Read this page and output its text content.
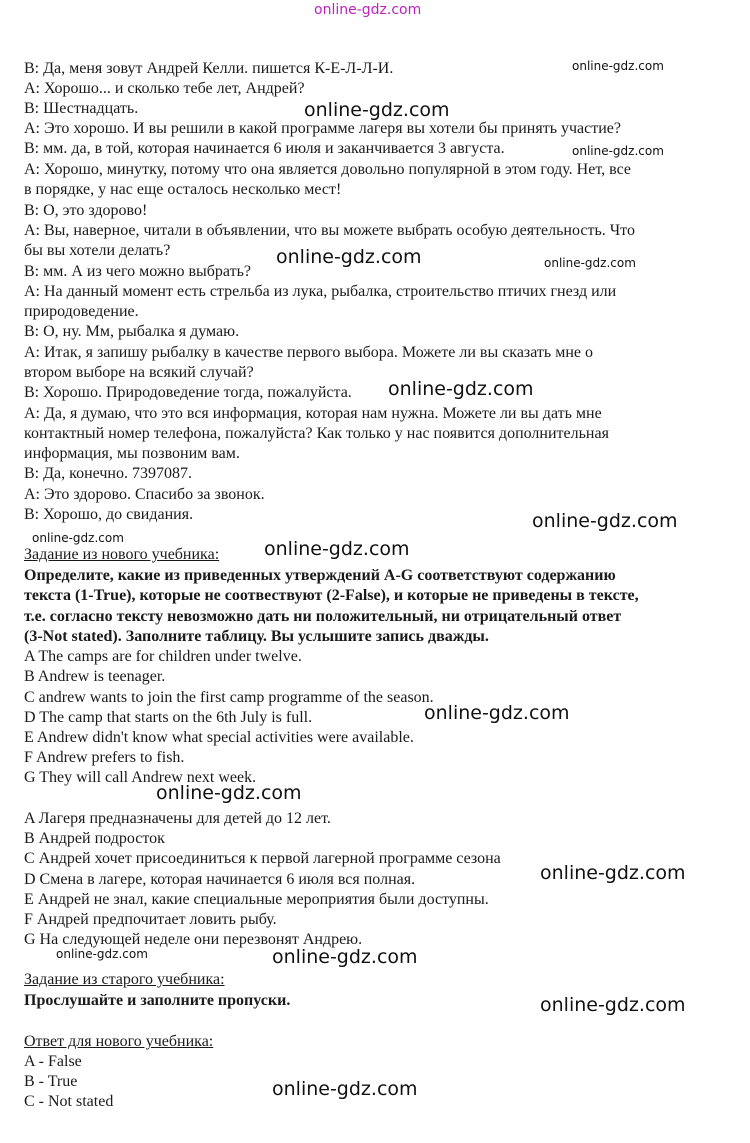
online-gdz.com

B: Да, меня зовут Андрей Келли. пишется К-Е-Л-Л-И.

A: Хорошо... и сколько тебе лет, Андрей?

B: Шестнадцать.

A: Это хорошо. И вы решили в какой программе лагеря вы хотели бы принять участие?

B: мм. да, в той, которая начинается 6 июля и заканчивается 3 августа.

A: Хорошо, минутку, потому что она является довольно популярной в этом году. Нет, все

в порядке, у нас еще осталось несколько мест!

B: О, это здорово!

A: Вы, наверное, читали в объявлении, что вы можете выбрать особую деятельность. Что

бы вы хотели делать?

B: мм. А из чего можно выбрать?

A: На данный момент есть стрельба из лука, рыбалка, строительство птичих гнезд или

природоведение.

B: О, ну. Мм, рыбалка я думаю.

A: Итак, я запишу рыбалку в качестве первого выбора. Можете ли вы сказать мне о

втором выборе на всякий случай?

B: Хорошо. Природоведение тогда, пожалуйста.

A: Да, я думаю, что это вся информация, которая нам нужна. Можете ли вы дать мне

контактный номер телефона, пожалуйста? Как только у нас появится дополнительная

информация, мы позвоним вам.

B: Да, конечно. 7397087.

A: Это здорово. Спасибо за звонок.

B: Хорошо, до свидания.

Задание из нового учебника:

Определите, какие из приведенных утверждений A-G соответствуют содержанию

текста (1-True), которые не соотвествуют (2-False), и которые не приведены в тексте,

т.е. согласно тексту невозможно дать ни положительный, ни отрицательный ответ

(3-Not stated). Заполните таблицу. Вы услышите запись дважды.

A The camps are for children under twelve.

B Andrew is teenager.

C andrew wants to join the first camp programme of the season.

D The camp that starts on the 6th July is full.

E Andrew didn't know what special activities were available.

F Andrew prefers to fish.

G They will call Andrew next week.

A Лагеря предназначены для детей до 12 лет.

B Андрей подросток

C Андрей хочет присоединиться к первой лагерной программе сезона

D Смена в лагере, которая начинается 6 июля вся полная.

E Андрей не знал, какие специальные мероприятия были доступны.

F Андрей предпочитает ловить рыбу.

G На следующей неделе они перезвонят Андрею.

Задание из старого учебника:

Прослушайте и заполните пропуски.

Ответ для нового учебника:

A - False

B - True

C - Not stated

online-gdz.com
online-gdz.com
online-gdz.com
online-gdz.com	online-gdz.com
online-gdz.com
online-gdz.com
online-gdz.com	online-gdz.com
online-gdz.com
online-gdz.com
online-gdz.com
online-gdz.com	online-gdz.com
online-gdz.com
online-gdz.com
